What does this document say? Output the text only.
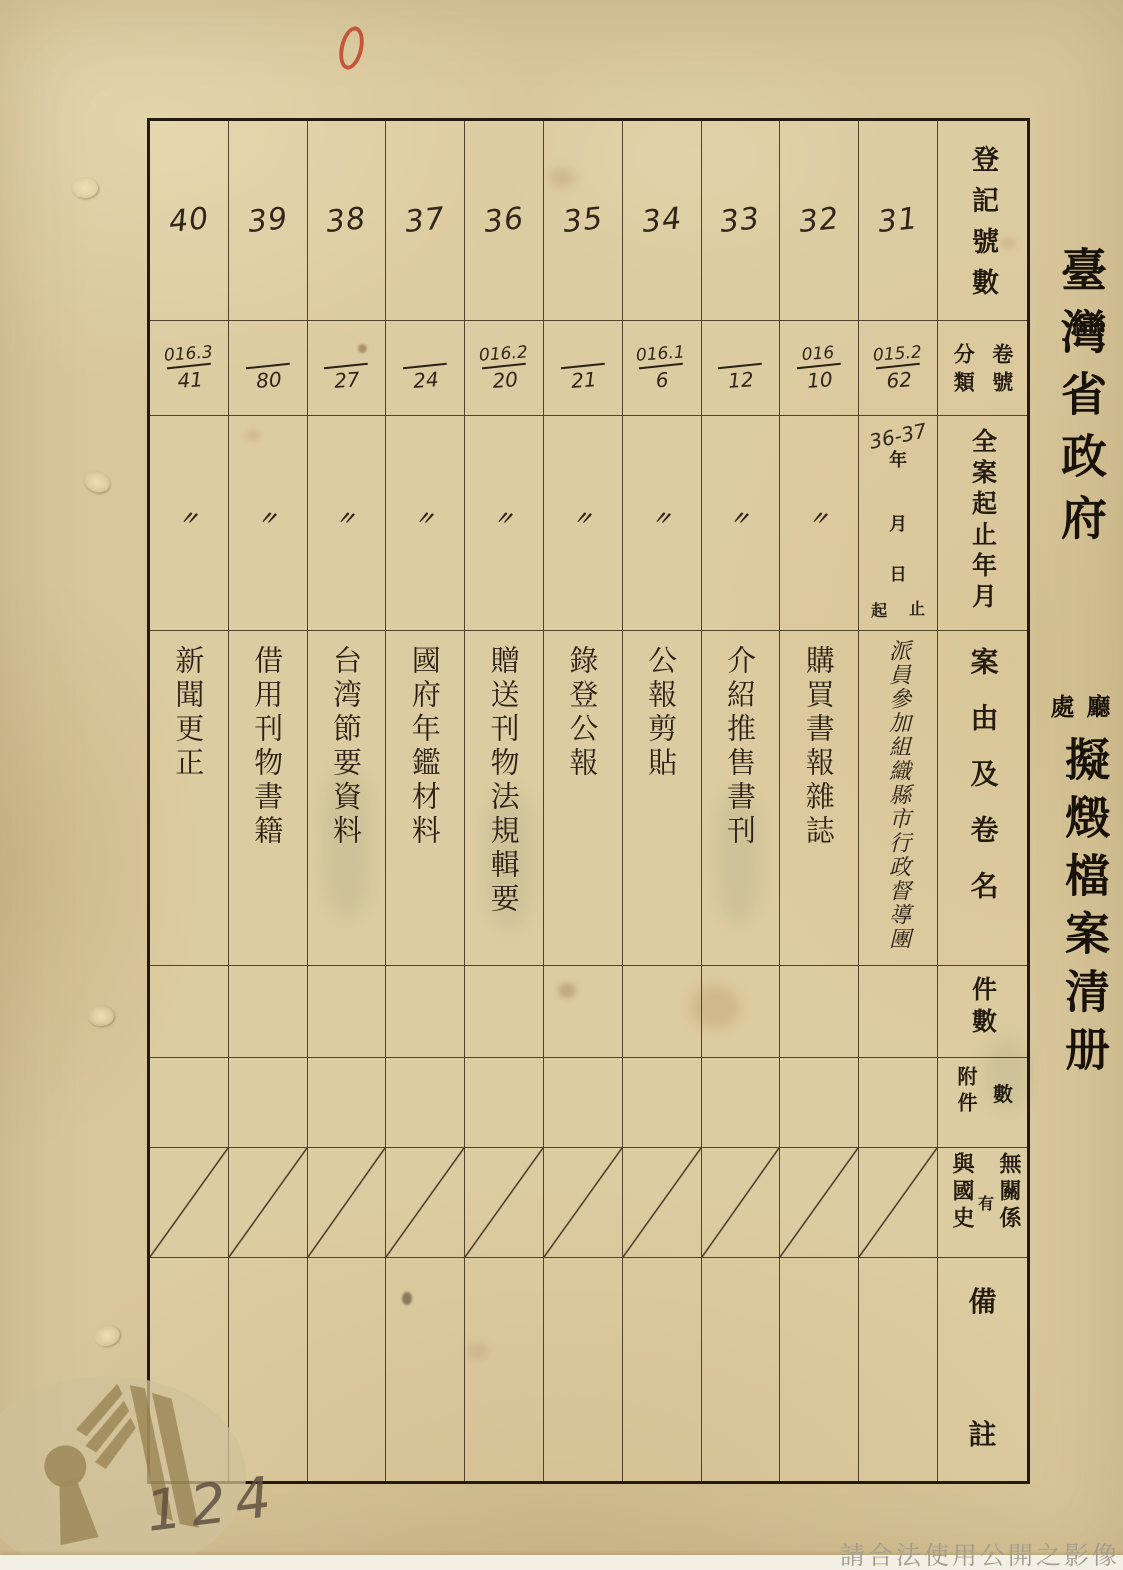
40
016.3
41
〃
新聞更正
39
80
〃
借用刊物書籍
38
27
〃
台湾節要資料
37
24
〃
國府年鑑材料
36
016.2
20
〃
贈送刊物法規輯要
35
21
〃
錄登公報
34
016.1
6
〃
公報剪貼
33
12
〃
介紹推售書刊
32
016
10
〃
購買書報雜誌
31
015.2
62
36-37
年
月
日
起 止
派員參加組織縣市行政督導團
登記號數
分類 卷號
全案起止年月
案由及卷名
件數
附件 數
與國史 有 無關係
備
註
臺灣省政府
廳處
擬燬檔案清册
124
請合法使用公開之影像
